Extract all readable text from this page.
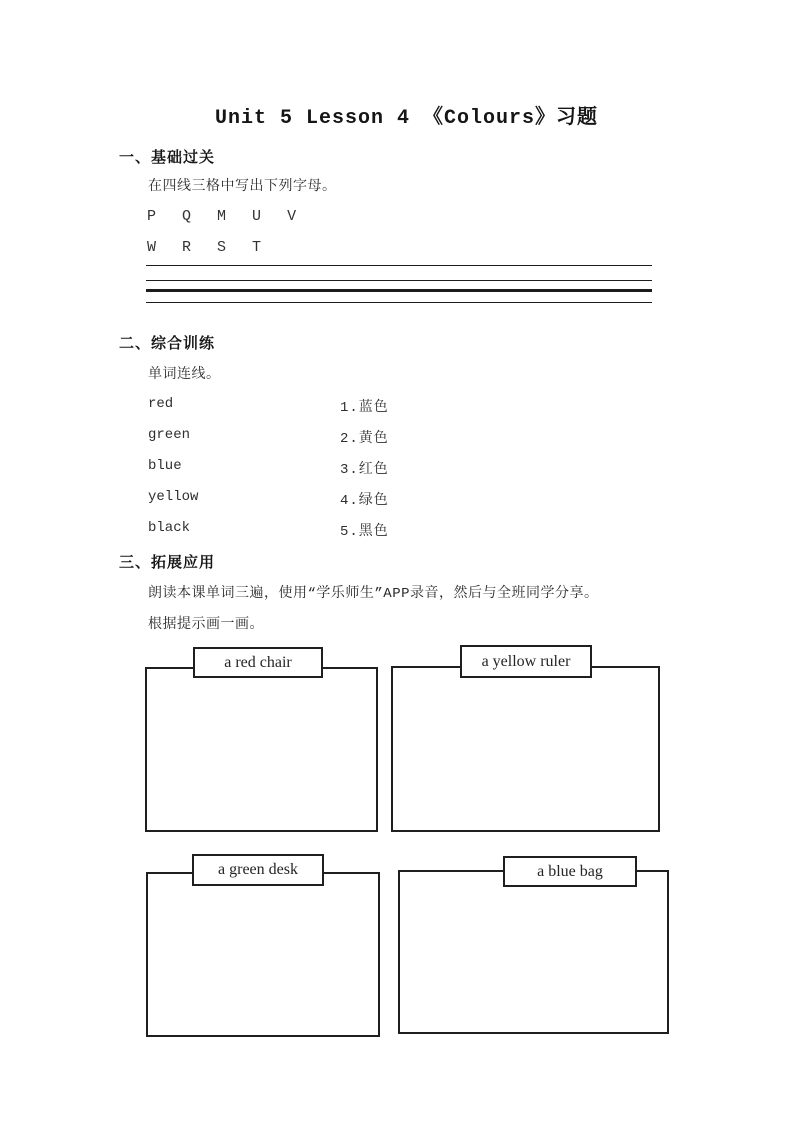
Unit 5 Lesson 4 《Colours》习题
一、基础过关
在四线三格中写出下列字母。
P Q M U V
W R S T
二、综合训练
单词连线。
red	1.蓝色
green	2.黄色
blue	3.红色
yellow	4.绿色
black	5.黑色
三、拓展应用
朗读本课单词三遍，使用“学乐师生”APP录音，然后与全班同学分享。
根据提示画一画。
a red chair	a yellow ruler
a green desk	a blue bag
